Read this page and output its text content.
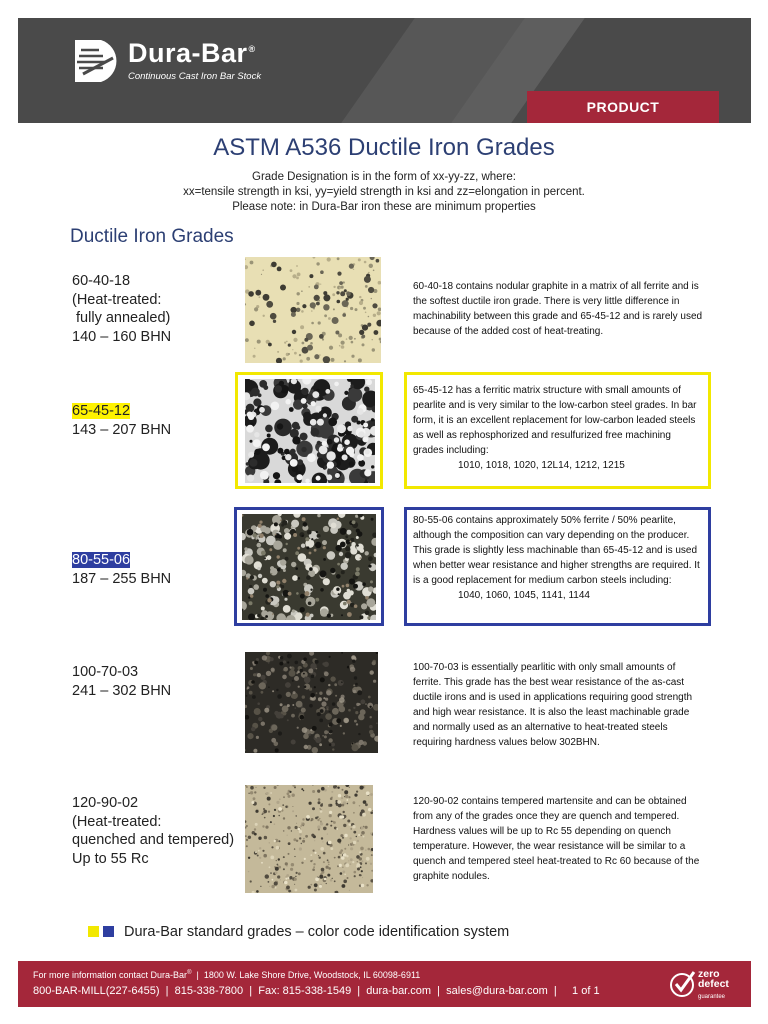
Dura-Bar®
Continuous Cast Iron Bar Stock
PRODUCT
ASTM A536 Ductile Iron Grades
Grade Designation is in the form of xx-yy-zz, where:
xx=tensile strength in ksi, yy=yield strength in ksi and zz=elongation in percent.
Please note: in Dura-Bar iron these are minimum properties
Ductile Iron Grades
60-40-18
(Heat-treated:
fully annealed)
140 – 160 BHN
60-40-18 contains nodular graphite in a matrix of all ferrite and is the softest ductile iron grade. There is very little difference in machinability between this grade and 65-45-12 and is rarely used because of the added cost of heat-treating.
65-45-12
143 – 207 BHN
65-45-12 has a ferritic matrix structure with small amounts of pearlite and is very similar to the low-carbon steel grades. In bar form, it is an excellent replacement for low-carbon leaded steels as well as rephosphorized and resulfurized free machining grades including:
1010, 1018, 1020, 12L14, 1212, 1215
80-55-06
187 – 255 BHN
80-55-06 contains approximately 50% ferrite / 50% pearlite, although the composition can vary depending on the producer. This grade is slightly less machinable than 65-45-12 and is used when better wear resistance and higher strengths are required. It is a good replacement for medium carbon steels including:
1040, 1060, 1045, 1141, 1144
100-70-03
241 – 302 BHN
100-70-03 is essentially pearlitic with only small amounts of ferrite. This grade has the best wear resistance of the as-cast ductile irons and is used in applications requiring good strength and high wear resistance. It is also the least machinable grade and normally used as an alternative to heat-treated steels requiring hardness values below 302BHN.
120-90-02
(Heat-treated:
quenched and tempered)
Up to 55 Rc
120-90-02 contains tempered martensite and can be obtained from any of the grades once they are quench and tempered. Hardness values will be up to Rc 55 depending on quench temperature. However, the wear resistance will be similar to a quench and tempered steel heat-treated to Rc 60 because of the graphite nodules.
Dura-Bar standard grades – color code identification system
For more information contact Dura-Bar®  |  1800 W. Lake Shore Drive, Woodstock, IL 60098-6911
800-BAR-MILL(227-6455)  |  815-338-7800  |  Fax: 815-338-1549  |  dura-bar.com  |  sales@dura-bar.com  |     1 of 1
zero
defect
guarantee
